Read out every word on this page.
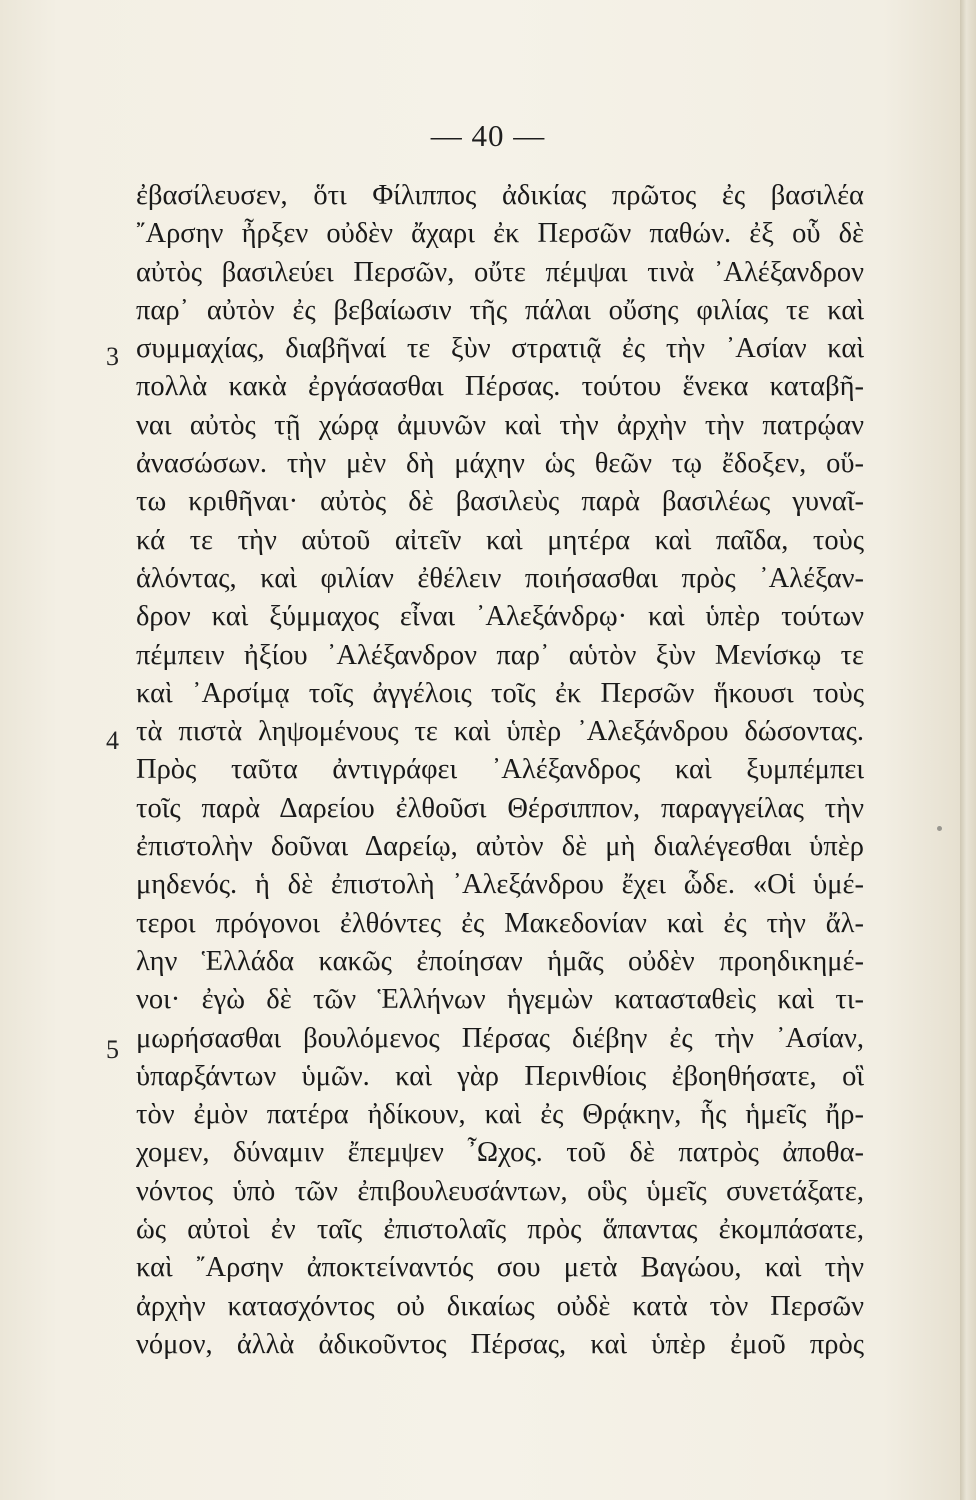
— 40 —
3
4
5
ἐβασίλευσεν, ὅτι Φίλιππος ἀδικίας πρῶτος ἐς βασιλέα
῎Αρσην ἦρξεν οὐδὲν ἄχαρι ἐκ Περσῶν παθών. ἐξ οὗ δὲ
αὐτὸς βασιλεύει Περσῶν, οὔτε πέμψαι τινὰ ᾽Αλέξανδρον
παρ᾽ αὐτὸν ἐς βεβαίωσιν τῆς πάλαι οὔσης φιλίας τε καὶ
συμμαχίας, διαβῆναί τε ξὺν στρατιᾷ ἐς τὴν ᾽Ασίαν καὶ
πολλὰ κακὰ ἐργάσασθαι Πέρσας. τούτου ἕνεκα καταβῆ-
ναι αὐτὸς τῇ χώρᾳ ἀμυνῶν καὶ τὴν ἀρχὴν τὴν πατρῴαν
ἀνασώσων. τὴν μὲν δὴ μάχην ὡς θεῶν τῳ ἔδοξεν, οὕ-
τω κριθῆναι· αὐτὸς δὲ βασιλεὺς παρὰ βασιλέως γυναῖ-
κά τε τὴν αὑτοῦ αἰτεῖν καὶ μητέρα καὶ παῖδα, τοὺς
ἁλόντας, καὶ φιλίαν ἐθέλειν ποιήσασθαι πρὸς ᾽Αλέξαν-
δρον καὶ ξύμμαχος εἶναι ᾽Αλεξάνδρῳ· καὶ ὑπὲρ τούτων
πέμπειν ἠξίου ᾽Αλέξανδρον παρ᾽ αὑτὸν ξὺν Μενίσκῳ τε
καὶ ᾽Αρσίμᾳ τοῖς ἀγγέλοις τοῖς ἐκ Περσῶν ἥκουσι τοὺς
τὰ πιστὰ ληψομένους τε καὶ ὑπὲρ ᾽Αλεξάνδρου δώσοντας.
Πρὸς ταῦτα ἀντιγράφει ᾽Αλέξανδρος καὶ ξυμπέμπει
τοῖς παρὰ Δαρείου ἐλθοῦσι Θέρσιππον, παραγγείλας τὴν
ἐπιστολὴν δοῦναι Δαρείῳ, αὐτὸν δὲ μὴ διαλέγεσθαι ὑπὲρ
μηδενός. ἡ δὲ ἐπιστολὴ ᾽Αλεξάνδρου ἔχει ὧδε. «Οἱ ὑμέ-
τεροι πρόγονοι ἐλθόντες ἐς Μακεδονίαν καὶ ἐς τὴν ἄλ-
λην Ἑλλάδα κακῶς ἐποίησαν ἡμᾶς οὐδὲν προηδικημέ-
νοι· ἐγὼ δὲ τῶν Ἑλλήνων ἡγεμὼν κατασταθεὶς καὶ τι-
μωρήσασθαι βουλόμενος Πέρσας διέβην ἐς τὴν ᾽Ασίαν,
ὑπαρξάντων ὑμῶν. καὶ γὰρ Περινθίοις ἐβοηθήσατε, οἳ
τὸν ἐμὸν πατέρα ἠδίκουν, καὶ ἐς Θρᾴκην, ἧς ἡμεῖς ἤρ-
χομεν, δύναμιν ἔπεμψεν ῏Ωχος. τοῦ δὲ πατρὸς ἀποθα-
νόντος ὑπὸ τῶν ἐπιβουλευσάντων, οὓς ὑμεῖς συνετάξατε,
ὡς αὐτοὶ ἐν ταῖς ἐπιστολαῖς πρὸς ἅπαντας ἐκομπάσατε,
καὶ ῎Αρσην ἀποκτείναντός σου μετὰ Βαγώου, καὶ τὴν
ἀρχὴν κατασχόντος οὐ δικαίως οὐδὲ κατὰ τὸν Περσῶν
νόμον, ἀλλὰ ἀδικοῦντος Πέρσας, καὶ ὑπὲρ ἐμοῦ πρὸς
